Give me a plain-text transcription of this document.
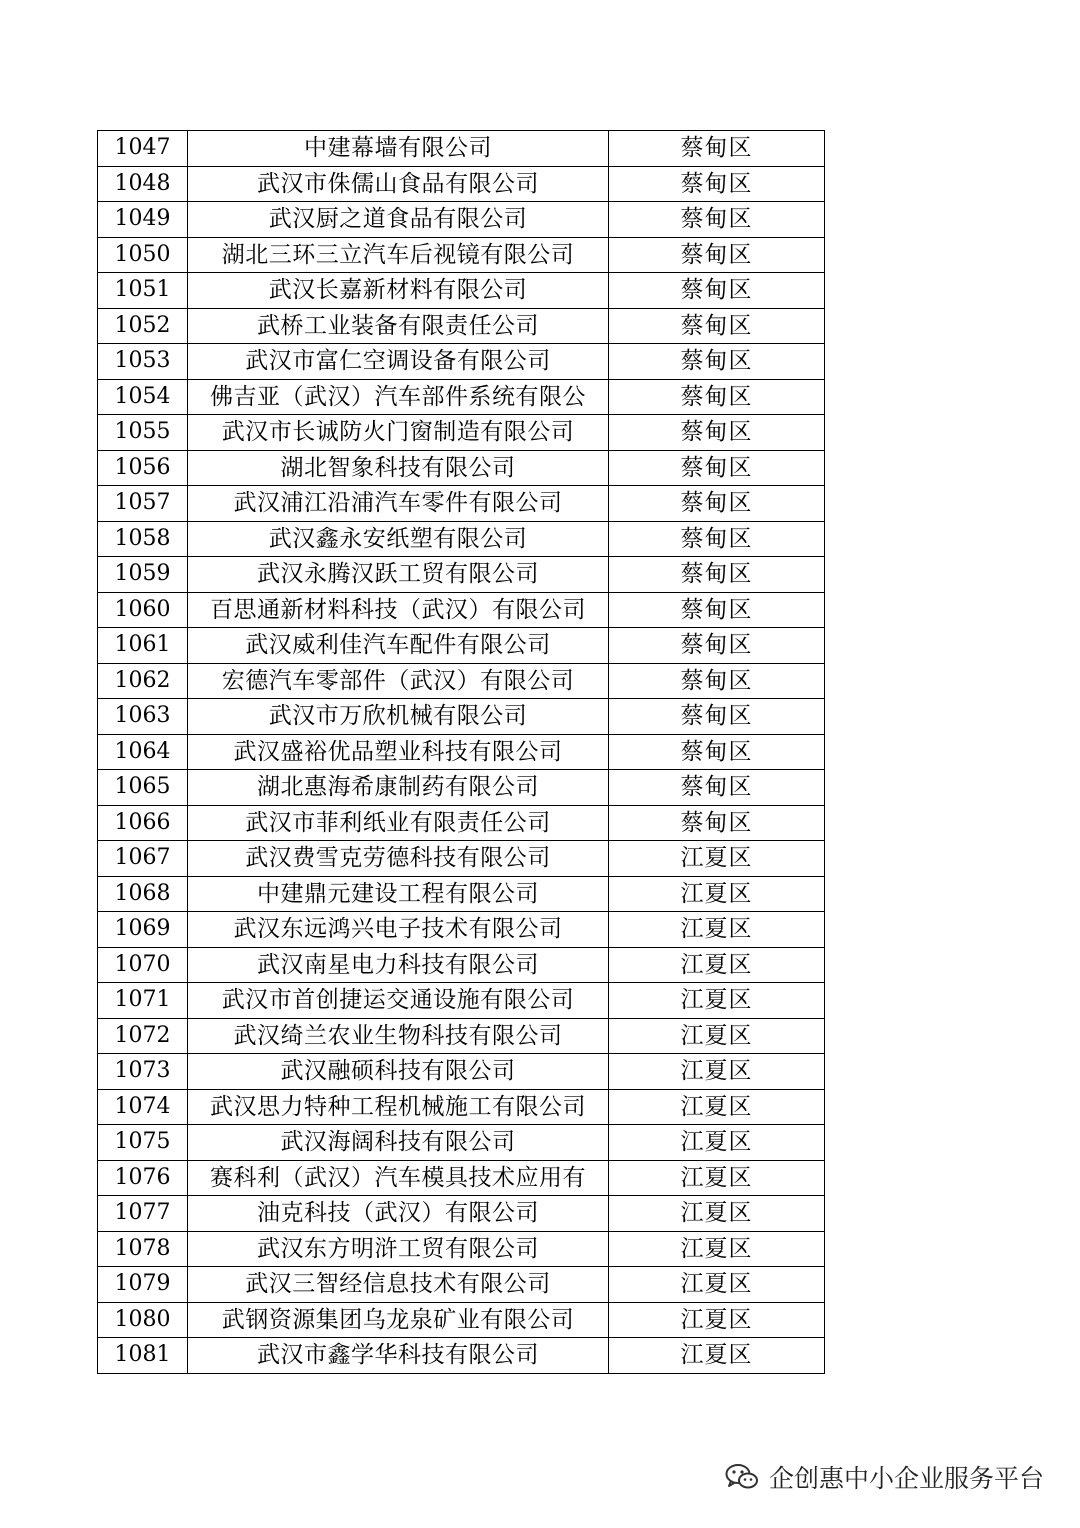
1047	中建幕墙有限公司	蔡甸区
1048	武汉市侏儒山食品有限公司	蔡甸区
1049	武汉厨之道食品有限公司	蔡甸区
1050	湖北三环三立汽车后视镜有限公司	蔡甸区
1051	武汉长嘉新材料有限公司	蔡甸区
1052	武桥工业装备有限责任公司	蔡甸区
1053	武汉市富仁空调设备有限公司	蔡甸区
1054	佛吉亚（武汉）汽车部件系统有限公	蔡甸区
1055	武汉市长诚防火门窗制造有限公司	蔡甸区
1056	湖北智象科技有限公司	蔡甸区
1057	武汉浦江沿浦汽车零件有限公司	蔡甸区
1058	武汉鑫永安纸塑有限公司	蔡甸区
1059	武汉永腾汉跃工贸有限公司	蔡甸区
1060	百思通新材料科技（武汉）有限公司	蔡甸区
1061	武汉威利佳汽车配件有限公司	蔡甸区
1062	宏德汽车零部件（武汉）有限公司	蔡甸区
1063	武汉市万欣机械有限公司	蔡甸区
1064	武汉盛裕优品塑业科技有限公司	蔡甸区
1065	湖北惠海希康制药有限公司	蔡甸区
1066	武汉市菲利纸业有限责任公司	蔡甸区
1067	武汉费雪克劳德科技有限公司	江夏区
1068	中建鼎元建设工程有限公司	江夏区
1069	武汉东远鸿兴电子技术有限公司	江夏区
1070	武汉南星电力科技有限公司	江夏区
1071	武汉市首创捷运交通设施有限公司	江夏区
1072	武汉绮兰农业生物科技有限公司	江夏区
1073	武汉融硕科技有限公司	江夏区
1074	武汉思力特种工程机械施工有限公司	江夏区
1075	武汉海阔科技有限公司	江夏区
1076	赛科利（武汉）汽车模具技术应用有	江夏区
1077	油克科技（武汉）有限公司	江夏区
1078	武汉东方明浒工贸有限公司	江夏区
1079	武汉三智经信息技术有限公司	江夏区
1080	武钢资源集团乌龙泉矿业有限公司	江夏区
1081	武汉市鑫学华科技有限公司	江夏区
企创惠中小企业服务平台
